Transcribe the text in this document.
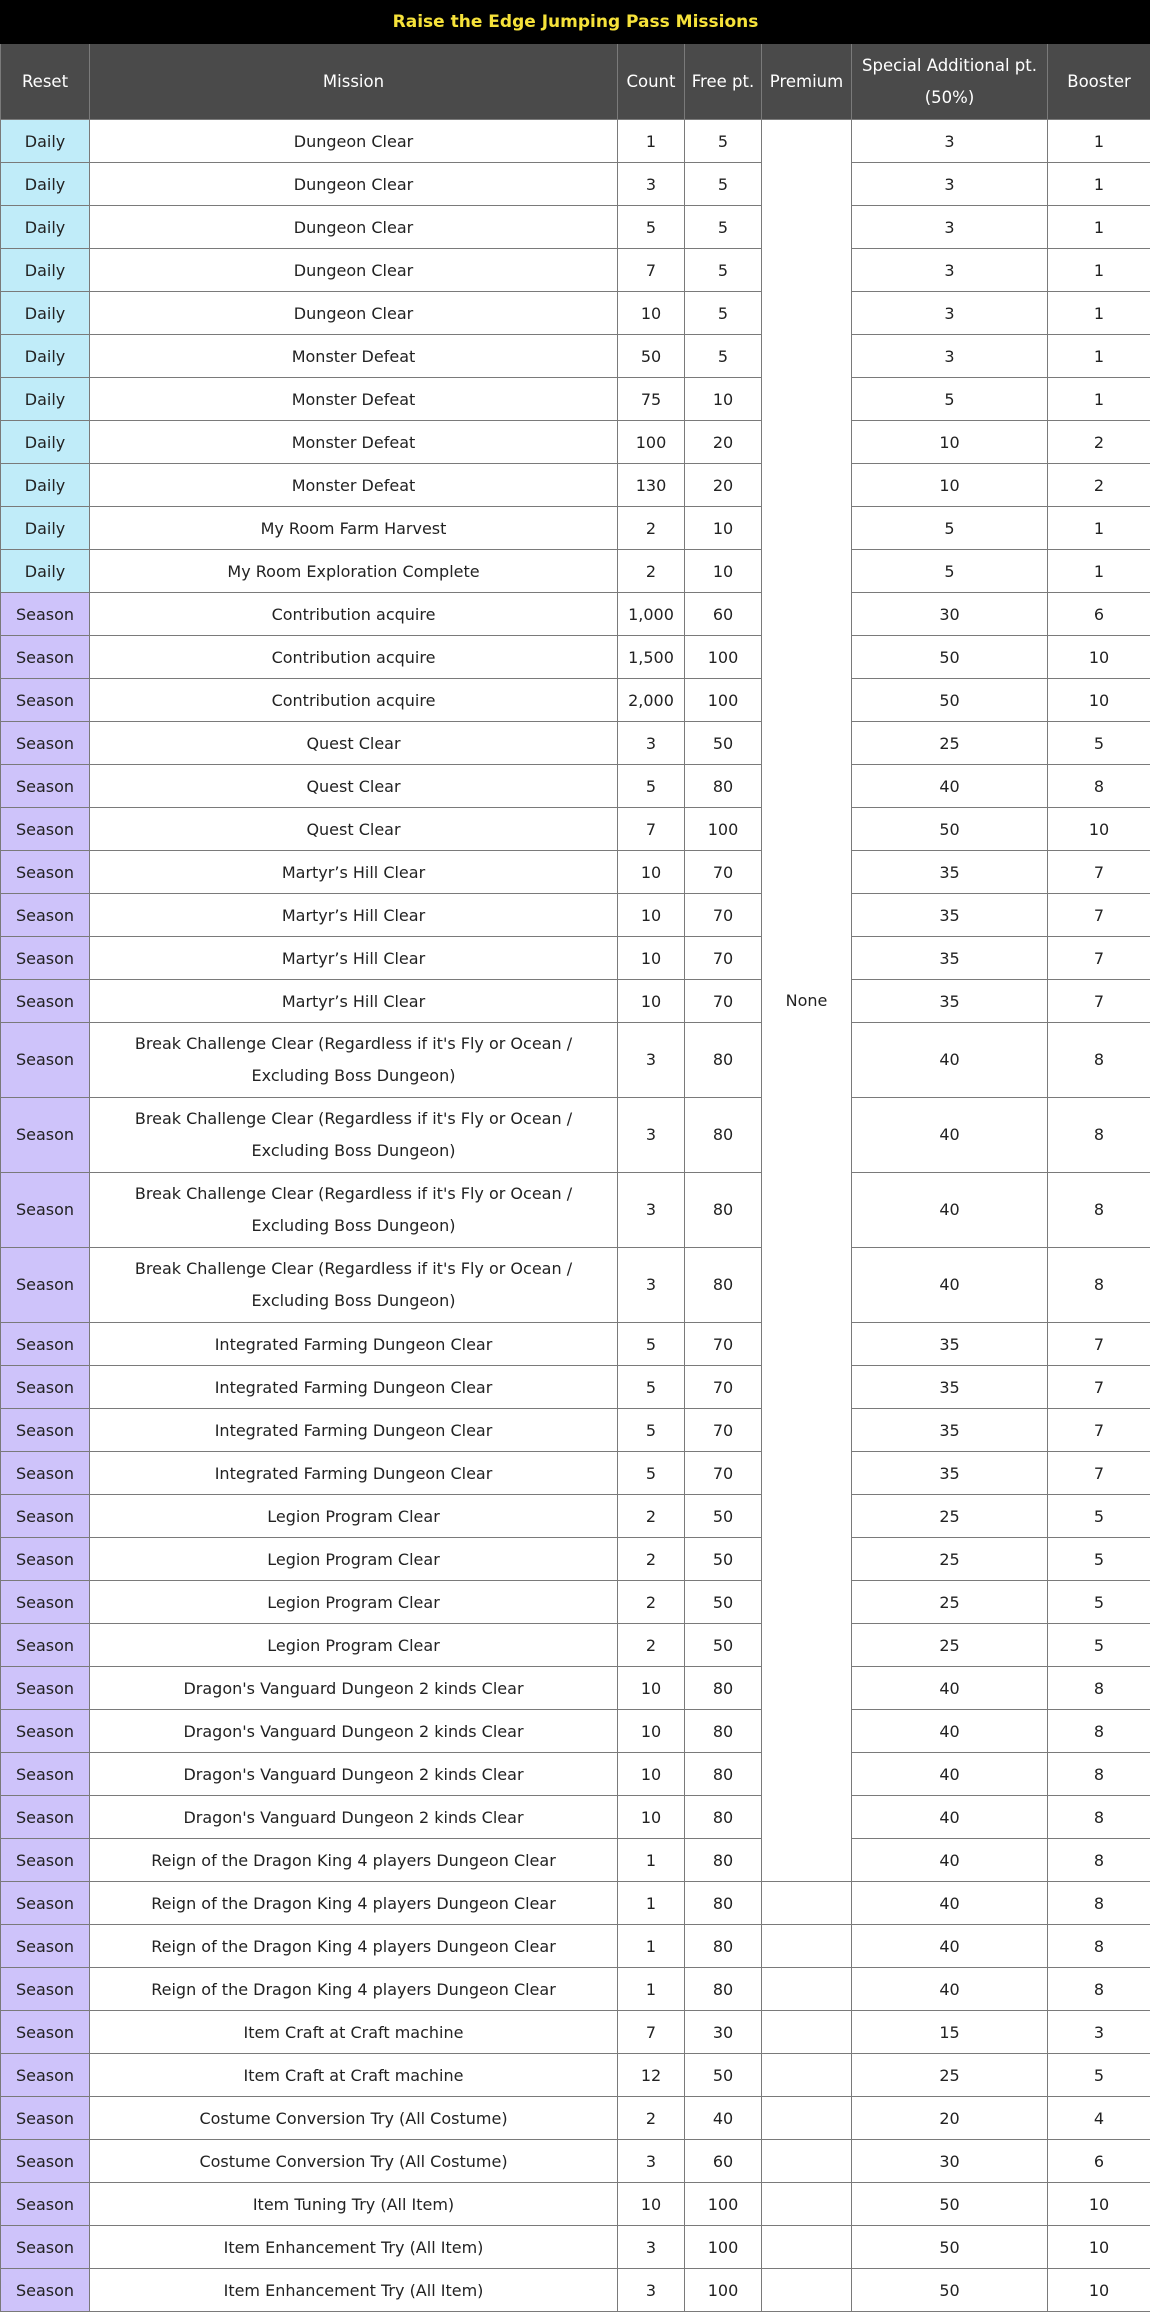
Raise the Edge Jumping Pass Missions						
Reset	Mission	Count	Free pt.	Premium	Special Additional pt. (50%)	Booster
Daily	Dungeon Clear	1	5	None	3	1
Daily	Dungeon Clear	3	5		3	1
Daily	Dungeon Clear	5	5		3	1
Daily	Dungeon Clear	7	5		3	1
Daily	Dungeon Clear	10	5		3	1
Daily	Monster Defeat	50	5		3	1
Daily	Monster Defeat	75	10		5	1
Daily	Monster Defeat	100	20		10	2
Daily	Monster Defeat	130	20		10	2
Daily	My Room Farm Harvest	2	10		5	1
Daily	My Room Exploration Complete	2	10		5	1
Season	Contribution acquire	1,000	60		30	6
Season	Contribution acquire	1,500	100		50	10
Season	Contribution acquire	2,000	100		50	10
Season	Quest Clear	3	50		25	5
Season	Quest Clear	5	80		40	8
Season	Quest Clear	7	100		50	10
Season	Martyr’s Hill Clear	10	70		35	7
Season	Martyr’s Hill Clear	10	70		35	7
Season	Martyr’s Hill Clear	10	70		35	7
Season	Martyr’s Hill Clear	10	70		35	7
Season	Break Challenge Clear (Regardless if it's Fly or Ocean / Excluding Boss Dungeon)	3	80		40	8
Season	Break Challenge Clear (Regardless if it's Fly or Ocean / Excluding Boss Dungeon)	3	80		40	8
Season	Break Challenge Clear (Regardless if it's Fly or Ocean / Excluding Boss Dungeon)	3	80		40	8
Season	Break Challenge Clear (Regardless if it's Fly or Ocean / Excluding Boss Dungeon)	3	80		40	8
Season	Integrated Farming Dungeon Clear	5	70		35	7
Season	Integrated Farming Dungeon Clear	5	70		35	7
Season	Integrated Farming Dungeon Clear	5	70		35	7
Season	Integrated Farming Dungeon Clear	5	70		35	7
Season	Legion Program Clear	2	50		25	5
Season	Legion Program Clear	2	50		25	5
Season	Legion Program Clear	2	50		25	5
Season	Legion Program Clear	2	50		25	5
Season	Dragon's Vanguard Dungeon 2 kinds Clear	10	80		40	8
Season	Dragon's Vanguard Dungeon 2 kinds Clear	10	80		40	8
Season	Dragon's Vanguard Dungeon 2 kinds Clear	10	80		40	8
Season	Dragon's Vanguard Dungeon 2 kinds Clear	10	80		40	8
Season	Reign of the Dragon King 4 players Dungeon Clear	1	80		40	8
Season	Reign of the Dragon King 4 players Dungeon Clear	1	80		40	8
Season	Reign of the Dragon King 4 players Dungeon Clear	1	80		40	8
Season	Reign of the Dragon King 4 players Dungeon Clear	1	80		40	8
Season	Item Craft at Craft machine	7	30		15	3
Season	Item Craft at Craft machine	12	50		25	5
Season	Costume Conversion Try (All Costume)	2	40		20	4
Season	Costume Conversion Try (All Costume)	3	60		30	6
Season	Item Tuning Try (All Item)	10	100		50	10
Season	Item Enhancement Try (All Item)	3	100		50	10
Season	Item Enhancement Try (All Item)	3	100		50	10
